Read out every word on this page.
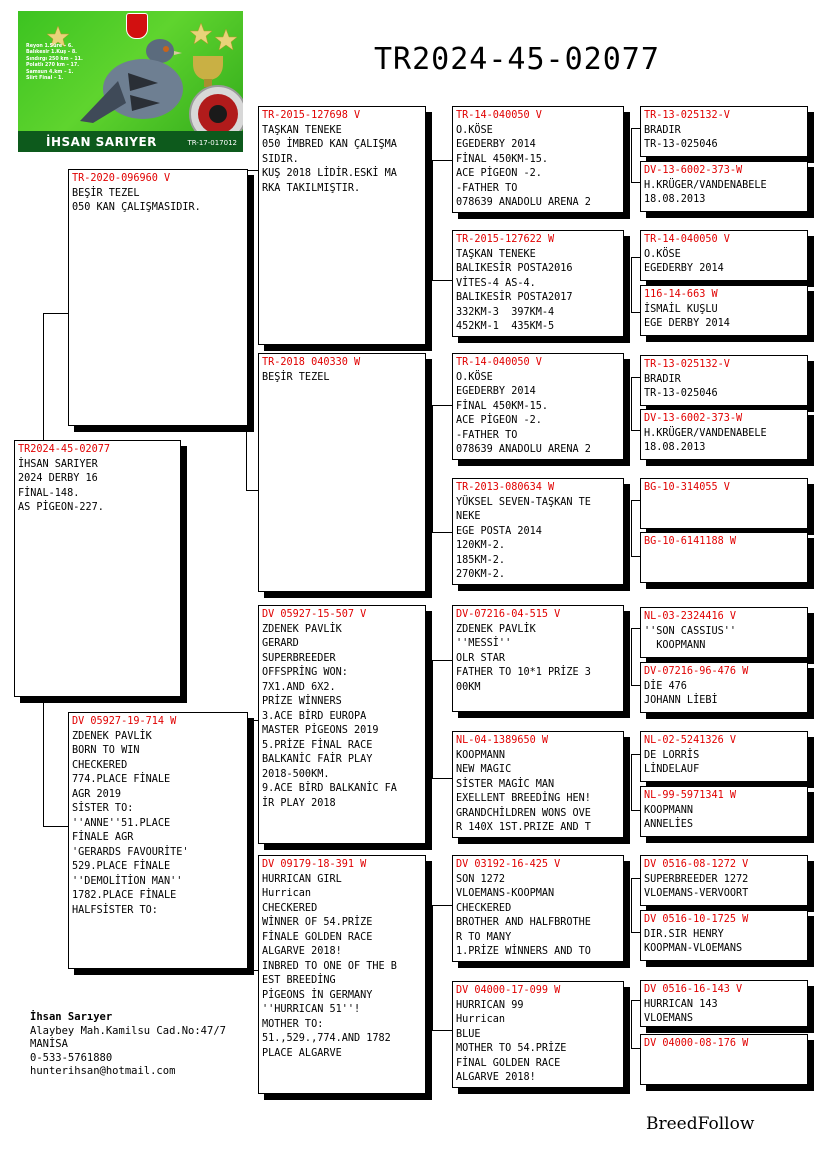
Reyon 1.Süre – 6.
Balıkesir 1.Kuş – 8.
Sındırgı 250 km – 11.
Polatlı 270 km – 17.
Samsun 4.km – 1.
Siirt Final – 1.
İHSAN SARIYER	TR-17-017012
TR2024-45-02077
TR2024-45-02077
İHSAN SARIYER
2024 DERBY 16
FİNAL-148.
AS PİGEON-227.
TR-2020-096960 V
BEŞİR TEZEL
050 KAN ÇALIŞMASIDIR.
DV 05927-19-714 W
ZDENEK PAVLİK
BORN TO WIN
CHECKERED
774.PLACE FİNALE
AGR 2019
SİSTER TO:
''ANNE''51.PLACE
FİNALE AGR
'GERARDS FAVOURİTE'
529.PLACE FİNALE
''DEMOLİTİON MAN''
1782.PLACE FİNALE
HALFSİSTER TO:
TR-2015-127698 V
TAŞKAN TENEKE
050 İMBRED KAN ÇALIŞMA
SIDIR.
KUŞ 2018 LİDİR.ESKİ MA
RKA TAKILMIŞTIR.
TR-2018 040330 W
BEŞİR TEZEL
DV 05927-15-507 V
ZDENEK PAVLİK
GERARD
SUPERBREEDER
OFFSPRİNG WON:
7X1.AND 6X2.
PRİZE WİNNERS
3.ACE BİRD EUROPA
MASTER PİGEONS 2019
5.PRİZE FİNAL RACE
BALKANİC FAİR PLAY
2018-500KM.
9.ACE BİRD BALKANİC FA
İR PLAY 2018
DV 09179-18-391 W
HURRICAN GIRL
Hurrican
CHECKERED
WİNNER OF 54.PRİZE
FİNALE GOLDEN RACE
ALGARVE 2018!
INBRED TO ONE OF THE B
EST BREEDİNG
PİGEONS İN GERMANY
''HURRICAN 51''!
MOTHER TO:
51.,529.,774.AND 1782
PLACE ALGARVE
TR-14-040050 V
O.KÖSE
EGEDERBY 2014
FİNAL 450KM-15.
ACE PİGEON -2.
-FATHER TO
078639 ANADOLU ARENA 2
TR-2015-127622 W
TAŞKAN TENEKE
BALIKESİR POSTA2016
VİTES-4 AS-4.
BALIKESİR POSTA2017
332KM-3  397KM-4
452KM-1  435KM-5
TR-14-040050 V
O.KÖSE
EGEDERBY 2014
FİNAL 450KM-15.
ACE PİGEON -2.
-FATHER TO
078639 ANADOLU ARENA 2
TR-2013-080634 W
YÜKSEL SEVEN-TAŞKAN TE
NEKE
EGE POSTA 2014
120KM-2.
185KM-2.
270KM-2.
DV-07216-04-515 V
ZDENEK PAVLİK
''MESSİ''
OLR STAR
FATHER TO 10*1 PRİZE 3
00KM
NL-04-1389650 W
KOOPMANN
NEW MAGIC
SİSTER MAGİC MAN
EXELLENT BREEDİNG HEN!
GRANDCHİLDREN WONS OVE
R 140X 1ST.PRIZE AND T
DV 03192-16-425 V
SON 1272
VLOEMANS-KOOPMAN
CHECKERED
BROTHER AND HALFBROTHE
R TO MANY
1.PRİZE WİNNERS AND TO
DV 04000-17-099 W
HURRICAN 99
Hurrican
BLUE
MOTHER TO 54.PRİZE
FİNAL GOLDEN RACE
ALGARVE 2018!
TR-13-025132-V
BRADIR
TR-13-025046
DV-13-6002-373-W
H.KRÜGER/VANDENABELE
18.08.2013
TR-14-040050 V
O.KÖSE
EGEDERBY 2014
116-14-663 W
İSMAİL KUŞLU
EGE DERBY 2014
TR-13-025132-V
BRADIR
TR-13-025046
DV-13-6002-373-W
H.KRÜGER/VANDENABELE
18.08.2013
BG-10-314055 V
BG-10-6141188 W
NL-03-2324416 V
''SON CASSIUS''
KOOPMANN
DV-07216-96-476 W
DİE 476
JOHANN LİEBİ
NL-02-5241326 V
DE LORRİS
LİNDELAUF
NL-99-5971341 W
KOOPMANN
ANNELİES
DV 0516-08-1272 V
SUPERBREEDER 1272
VLOEMANS-VERVOORT
DV 0516-10-1725 W
DIR.SIR HENRY
KOOPMAN-VLOEMANS
DV 0516-16-143 V
HURRICAN 143
VLOEMANS
DV 04000-08-176 W
İhsan Sarıyer
Alaybey Mah.Kamilsu Cad.No:47/7
MANİSA
0-533-5761880
hunterihsan@hotmail.com
BreedFollow
